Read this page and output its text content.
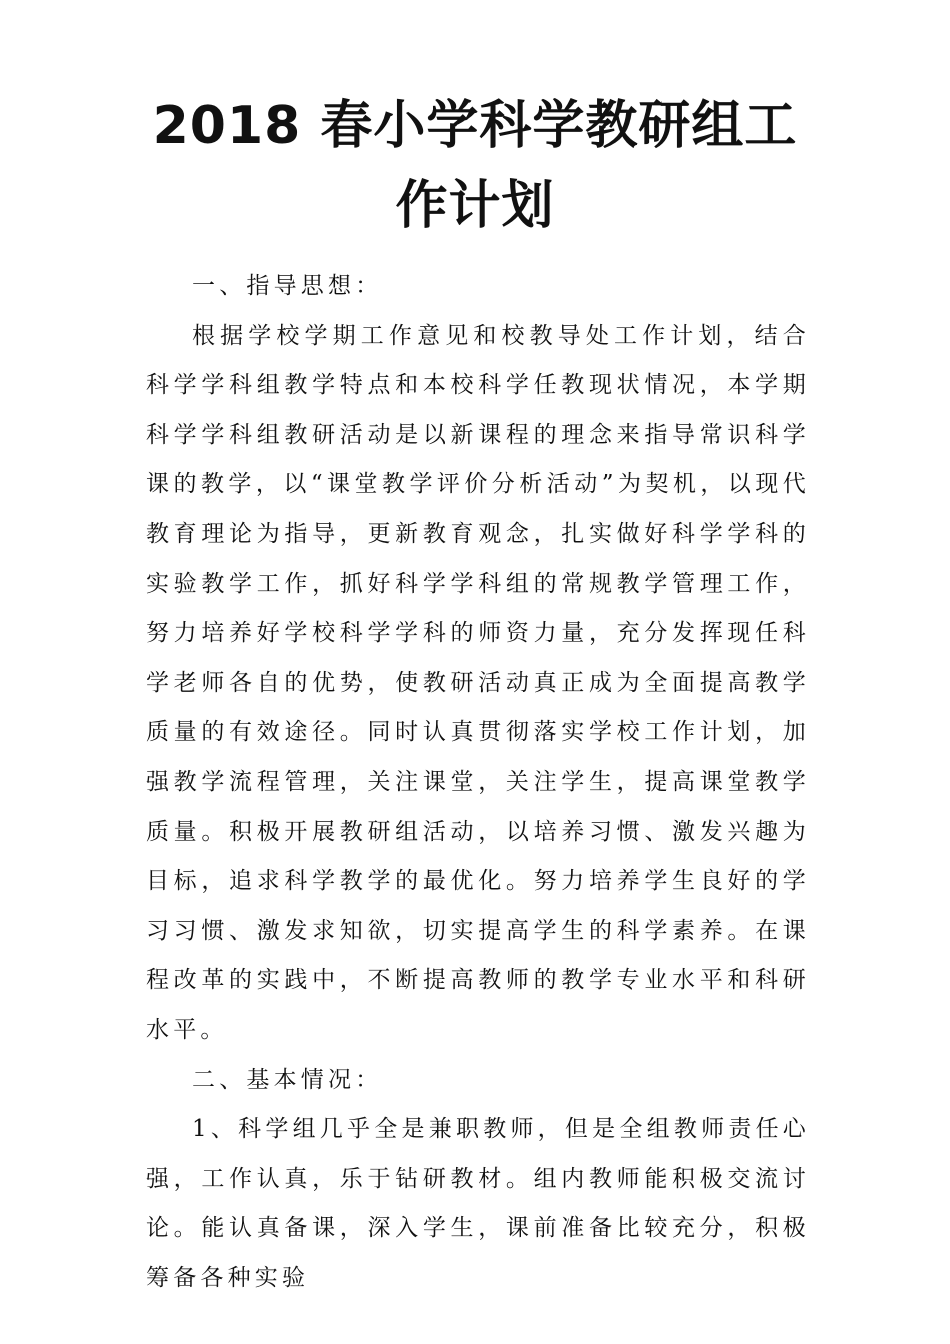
2018 春小学科学教研组工作计划

一、指导思想：

根据学校学期工作意见和校教导处工作计划，结合科学学科组教学特点和本校科学任教现状情况，本学期科学学科组教研活动是以新课程的理念来指导常识科学课的教学，以“课堂教学评价分析活动”为契机，以现代教育理论为指导，更新教育观念，扎实做好科学学科的实验教学工作，抓好科学学科组的常规教学管理工作，努力培养好学校科学学科的师资力量，充分发挥现任科学老师各自的优势，使教研活动真正成为全面提高教学质量的有效途径。同时认真贯彻落实学校工作计划，加强教学流程管理，关注课堂，关注学生，提高课堂教学质量。积极开展教研组活动，以培养习惯、激发兴趣为目标，追求科学教学的最优化。努力培养学生良好的学习习惯、激发求知欲，切实提高学生的科学素养。在课程改革的实践中，不断提高教师的教学专业水平和科研水平。

二、基本情况：

1、科学组几乎全是兼职教师，但是全组教师责任心强，工作认真，乐于钻研教材。组内教师能积极交流讨论。能认真备课，深入学生，课前准备比较充分，积极筹备各种实验
